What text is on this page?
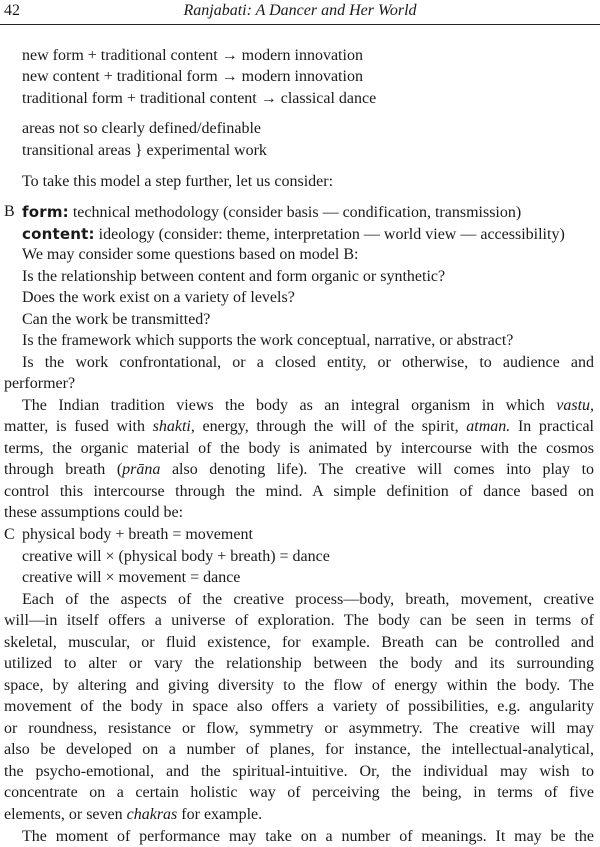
42	Ranjabati: A Dancer and Her World
new form + traditional content → modern innovation
new content + traditional form → modern innovation
traditional form + traditional content → classical dance
areas not so clearly defined/definable
transitional areas } experimental work
To take this model a step further, let us consider:
B form: technical methodology (consider basis — condification, transmission)
content: ideology (consider: theme, interpretation — world view — accessibility)
We may consider some questions based on model B:
Is the relationship between content and form organic or synthetic?
Does the work exist on a variety of levels?
Can the work be transmitted?
Is the framework which supports the work conceptual, narrative, or abstract?
Is the work confrontational, or a closed entity, or otherwise, to audience and
performer?
The Indian tradition views the body as an integral organism in which vastu,
matter, is fused with shakti, energy, through the will of the spirit, atman. In practical
terms, the organic material of the body is animated by intercourse with the cosmos
through breath (prāna also denoting life). The creative will comes into play to
control this intercourse through the mind. A simple definition of dance based on
these assumptions could be:
C physical body + breath = movement
creative will × (physical body + breath) = dance
creative will × movement = dance
Each of the aspects of the creative process—body, breath, movement, creative
will—in itself offers a universe of exploration. The body can be seen in terms of
skeletal, muscular, or fluid existence, for example. Breath can be controlled and
utilized to alter or vary the relationship between the body and its surrounding
space, by altering and giving diversity to the flow of energy within the body. The
movement of the body in space also offers a variety of possibilities, e.g. angularity
or roundness, resistance or flow, symmetry or asymmetry. The creative will may
also be developed on a number of planes, for instance, the intellectual-analytical,
the psycho-emotional, and the spiritual-intuitive. Or, the individual may wish to
concentrate on a certain holistic way of perceiving the being, in terms of five
elements, or seven chakras for example.
The moment of performance may take on a number of meanings. It may be the
